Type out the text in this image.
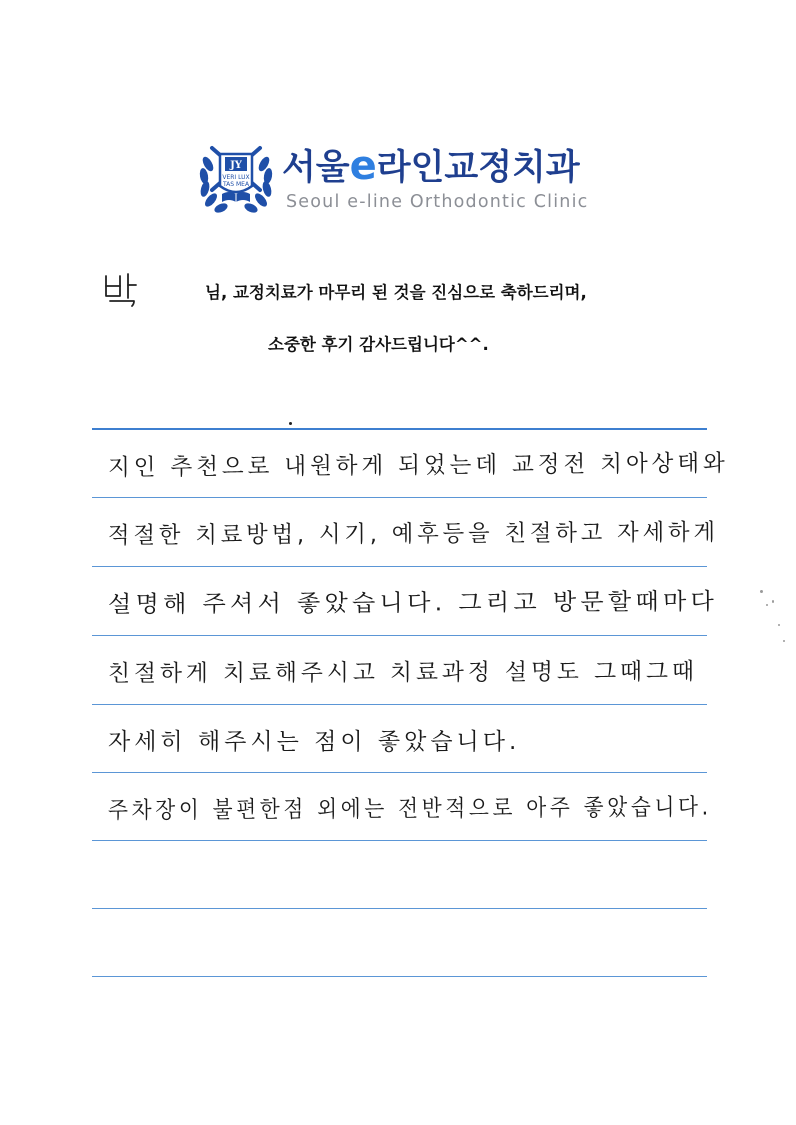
JY
VERI LUX
TAS MEA 서울e라인교정치과
Seoul e-line Orthodontic Clinic
박
님, 교정치료가 마무리 된 것을 진심으로 축하드리며,
소중한 후기 감사드립니다^^.
지인 추천으로 내원하게 되었는데 교정전 치아상태와
적절한 치료방법, 시기, 예후등을 친절하고 자세하게
설명해 주셔서 좋았습니다. 그리고 방문할때마다
친절하게 치료해주시고 치료과정 설명도 그때그때
자세히 해주시는 점이 좋았습니다.
주차장이 불편한점 외에는 전반적으로 아주 좋았습니다.
